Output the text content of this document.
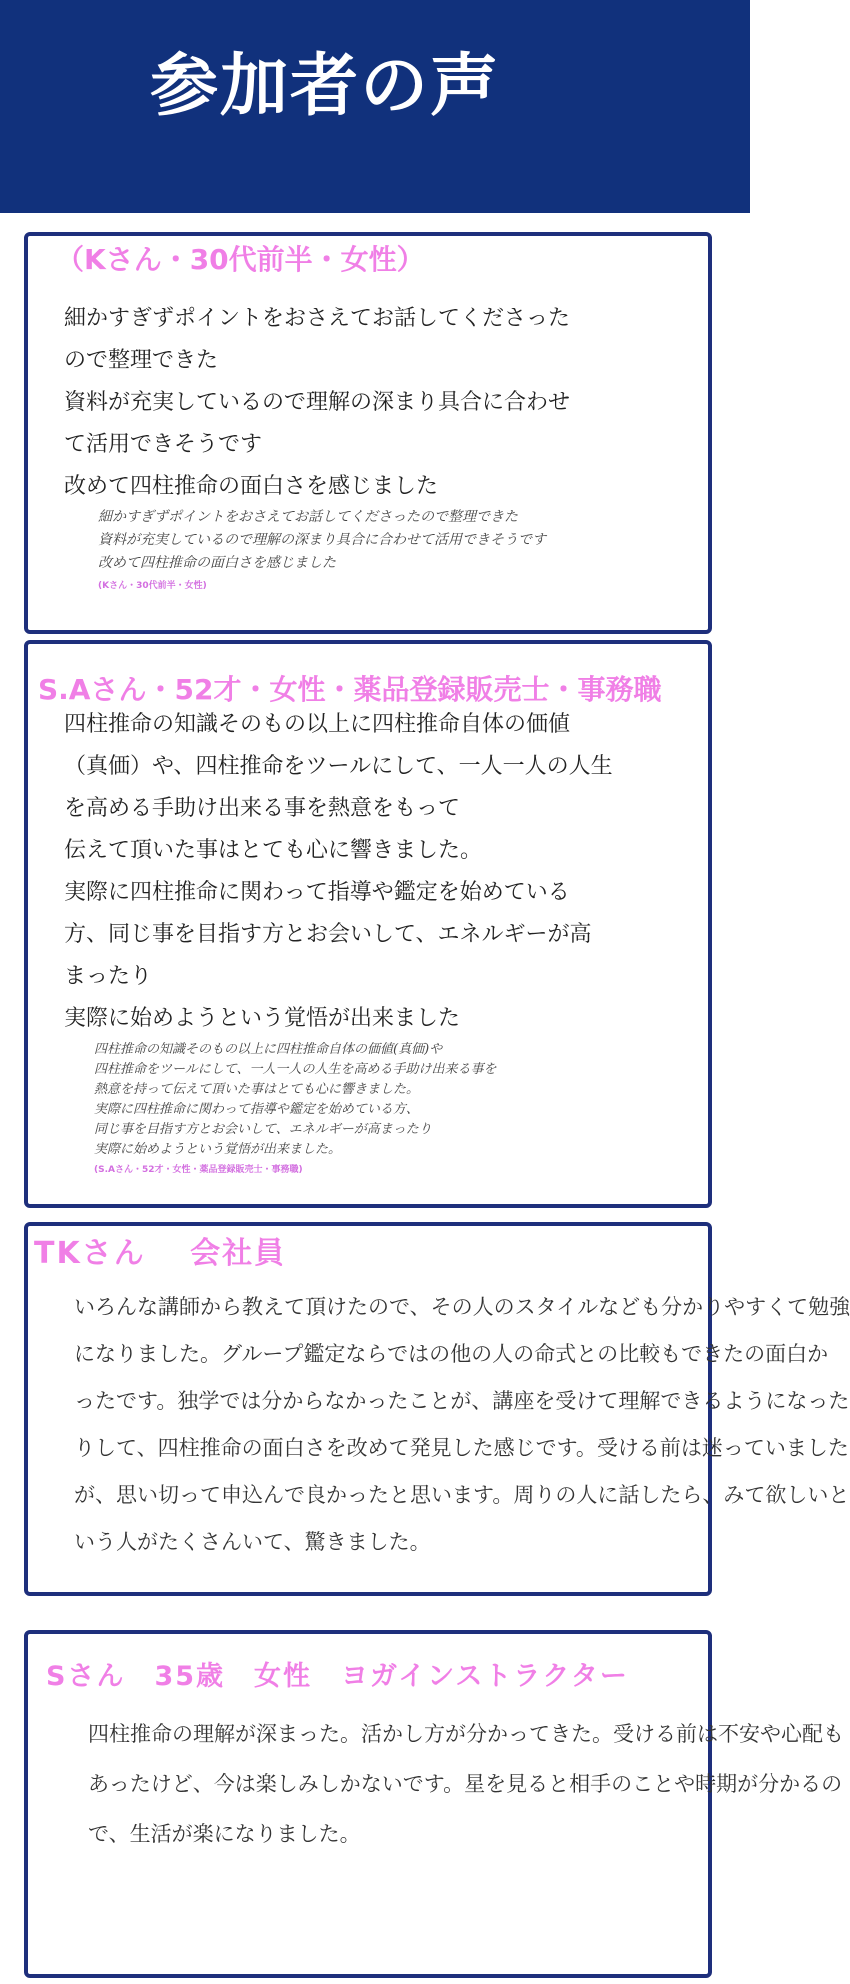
参加者の声
（Kさん・30代前半・女性）
細かすぎずポイントをおさえてお話してくださった
ので整理できた
資料が充実しているので理解の深まり具合に合わせ
て活用できそうです
改めて四柱推命の面白さを感じました
細かすぎずポイントをおさえてお話してくださったので整理できた
資料が充実しているので理解の深まり具合に合わせて活用できそうです
改めて四柱推命の面白さを感じました
(Kさん・30代前半・女性)
S.Aさん・52才・女性・薬品登録販売士・事務職
四柱推命の知識そのもの以上に四柱推命自体の価値
（真価）や、四柱推命をツールにして、一人一人の人生
を高める手助け出来る事を熱意をもって
伝えて頂いた事はとても心に響きました。
実際に四柱推命に関わって指導や鑑定を始めている
方、同じ事を目指す方とお会いして、エネルギーが高
まったり
実際に始めようという覚悟が出来ました
四柱推命の知識そのもの以上に四柱推命自体の価値(真価)や
四柱推命をツールにして、一人一人の人生を高める手助け出来る事を
熱意を持って伝えて頂いた事はとても心に響きました。
実際に四柱推命に関わって指導や鑑定を始めている方、
同じ事を目指す方とお会いして、エネルギーが高まったり
実際に始めようという覚悟が出来ました。
(S.Aさん・52才・女性・薬品登録販売士・事務職)
TKさん　 会社員
いろんな講師から教えて頂けたので、その人のスタイルなども分かりやすくて勉強
になりました。グループ鑑定ならではの他の人の命式との比較もできたの面白か
ったです。独学では分からなかったことが、講座を受けて理解できるようになった
りして、四柱推命の面白さを改めて発見した感じです。受ける前は迷っていました
が、思い切って申込んで良かったと思います。周りの人に話したら、みて欲しいと
いう人がたくさんいて、驚きました。
Sさん　35歳　女性　ヨガインストラクター
四柱推命の理解が深まった。活かし方が分かってきた。受ける前は不安や心配も
あったけど、今は楽しみしかないです。星を見ると相手のことや時期が分かるの
で、生活が楽になりました。
